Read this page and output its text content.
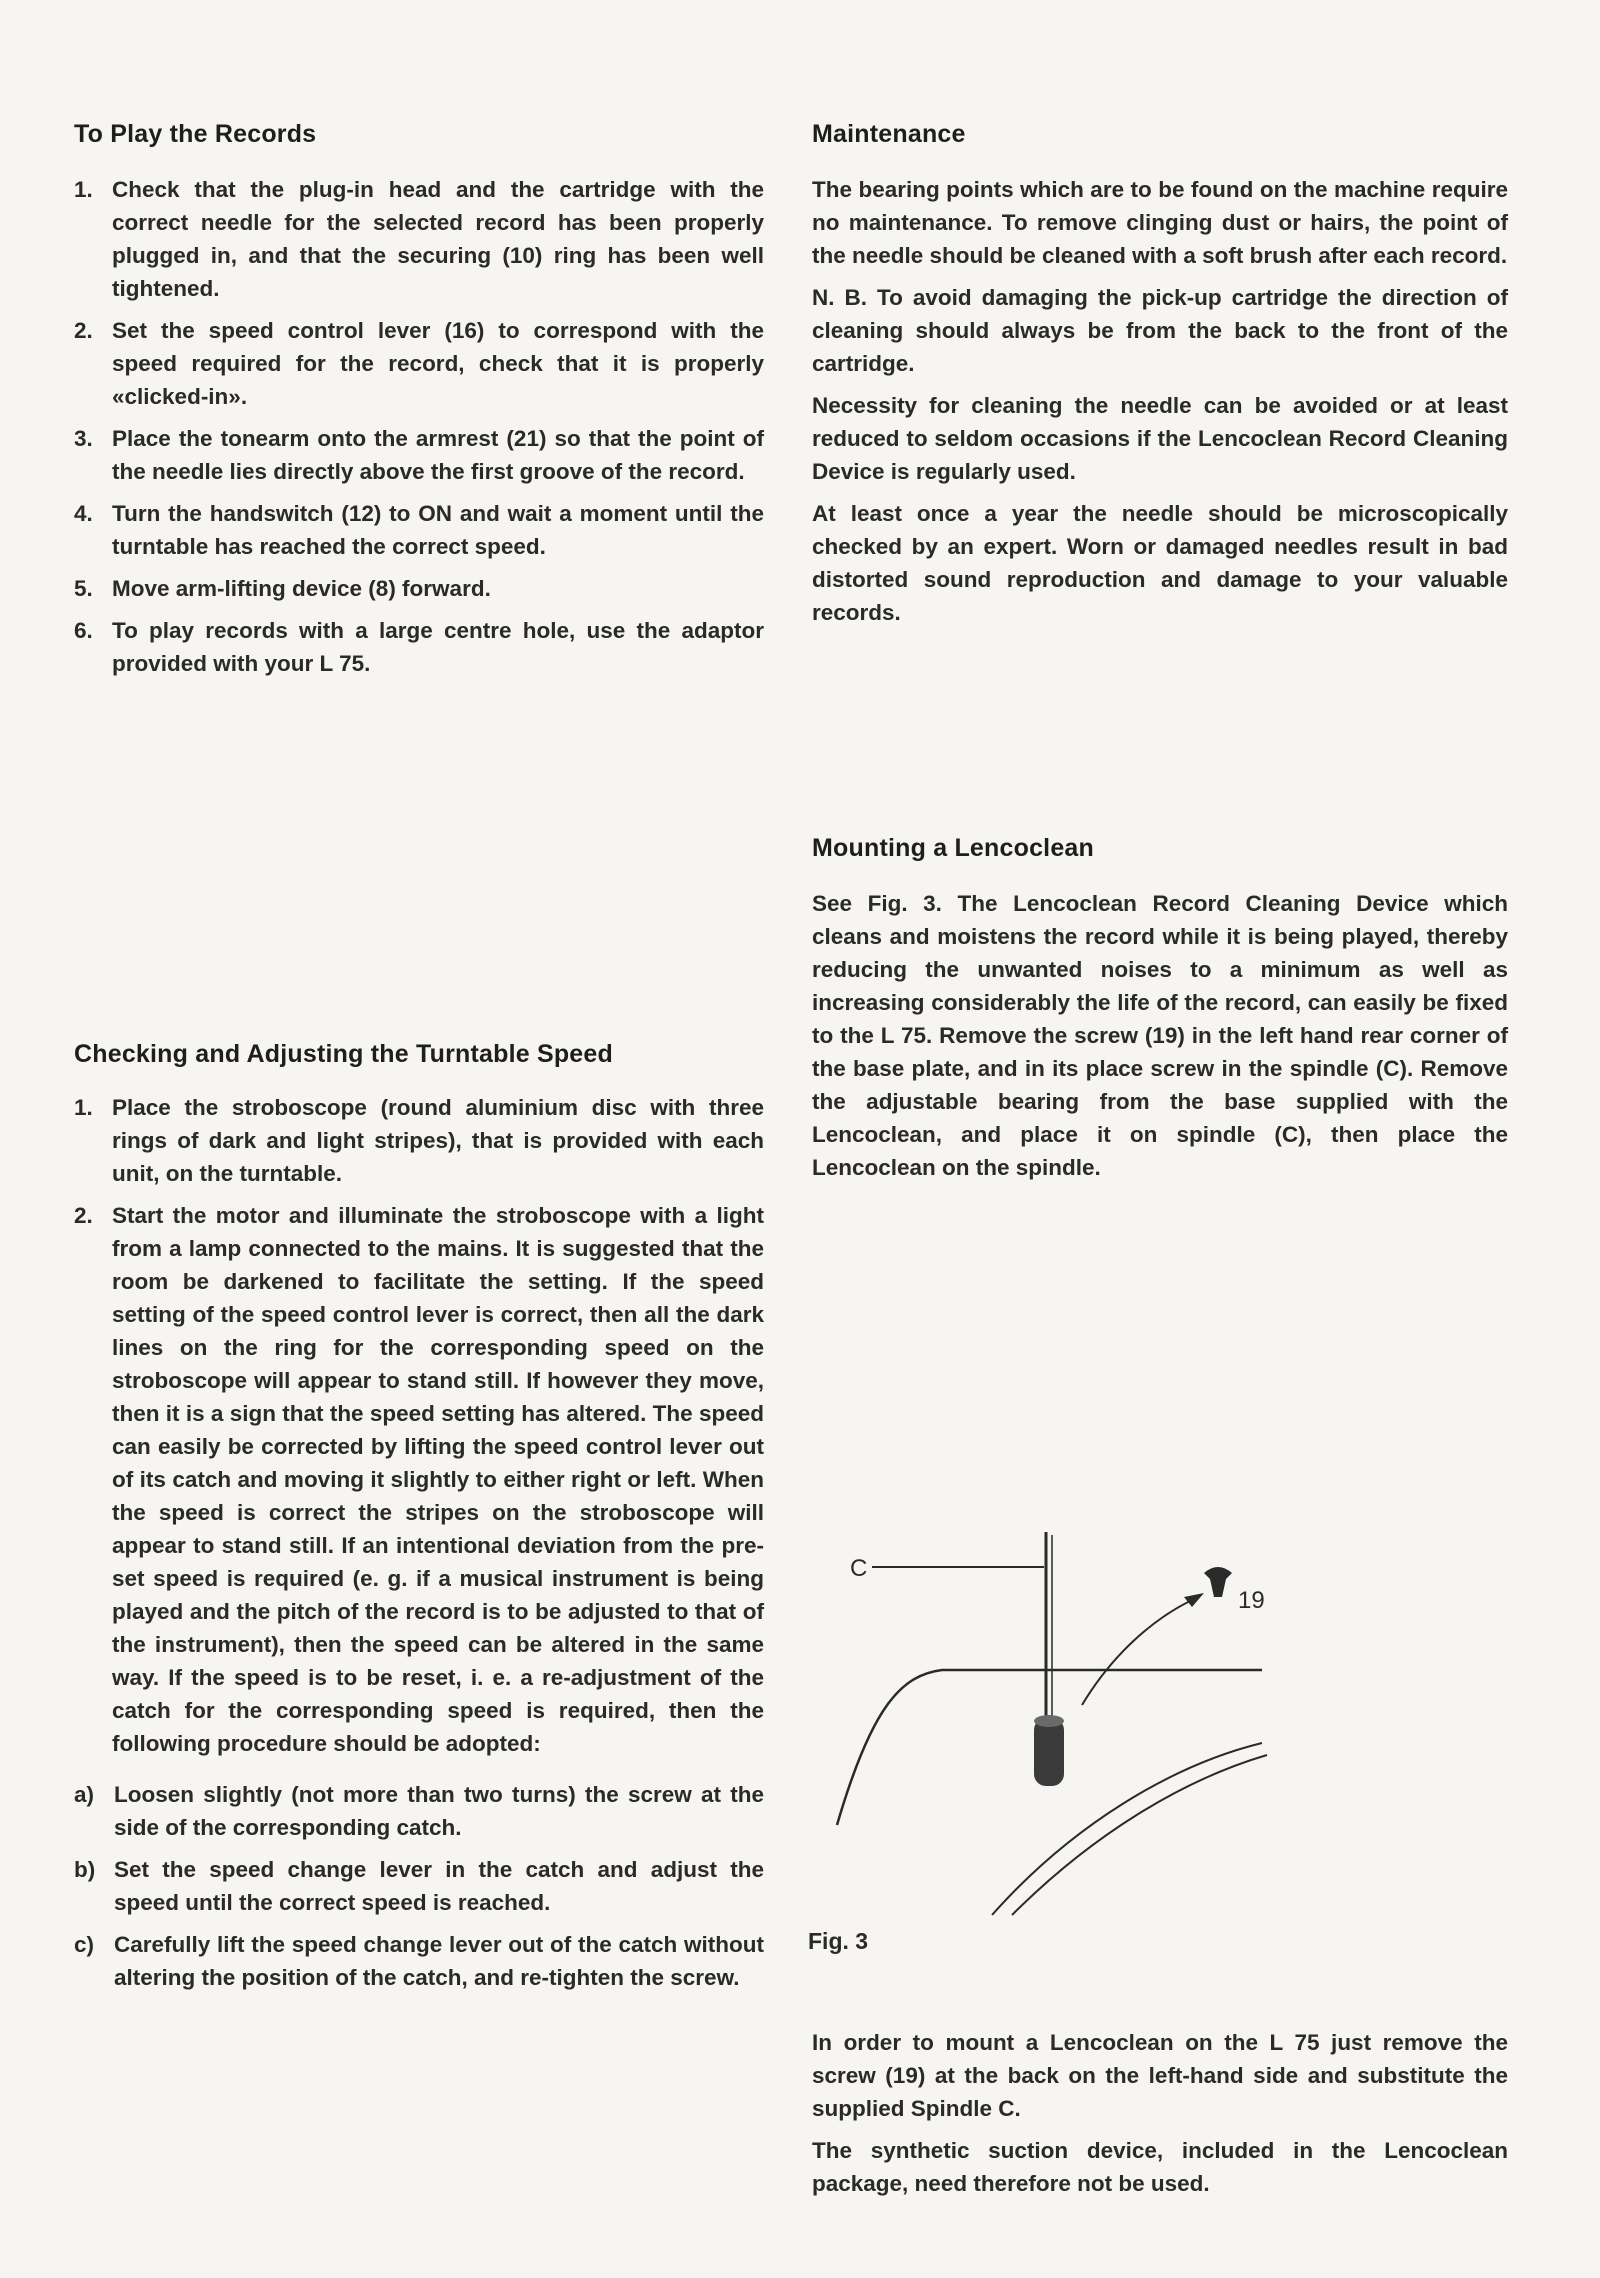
To Play the Records
1. Check that the plug-in head and the cartridge with the correct needle for the selected record has been properly plugged in, and that the securing (10) ring has been well tightened.
2. Set the speed control lever (16) to correspond with the speed required for the record, check that it is properly «clicked-in».
3. Place the tonearm onto the armrest (21) so that the point of the needle lies directly above the first groove of the record.
4. Turn the handswitch (12) to ON and wait a moment until the turntable has reached the correct speed.
5. Move arm-lifting device (8) forward.
6. To play records with a large centre hole, use the adaptor provided with your L 75.
Checking and Adjusting the Turntable Speed
1. Place the stroboscope (round aluminium disc with three rings of dark and light stripes), that is provided with each unit, on the turntable.
2. Start the motor and illuminate the stroboscope with a light from a lamp connected to the mains. It is suggested that the room be darkened to facilitate the setting. If the speed setting of the speed control lever is correct, then all the dark lines on the ring for the corresponding speed on the stroboscope will appear to stand still. If however they move, then it is a sign that the speed setting has altered. The speed can easily be corrected by lifting the speed control lever out of its catch and moving it slightly to either right or left. When the speed is correct the stripes on the stroboscope will appear to stand still. If an intentional deviation from the pre-set speed is required (e. g. if a musical instrument is being played and the pitch of the record is to be adjusted to that of the instrument), then the speed can be altered in the same way. If the speed is to be reset, i. e. a re-adjustment of the catch for the corresponding speed is required, then the following procedure should be adopted:
a) Loosen slightly (not more than two turns) the screw at the side of the corresponding catch.
b) Set the speed change lever in the catch and adjust the speed until the correct speed is reached.
c) Carefully lift the speed change lever out of the catch without altering the position of the catch, and re-tighten the screw.
Maintenance

The bearing points which are to be found on the machine require no maintenance. To remove clinging dust or hairs, the point of the needle should be cleaned with a soft brush after each record.

N. B. To avoid damaging the pick-up cartridge the direction of cleaning should always be from the back to the front of the cartridge.

Necessity for cleaning the needle can be avoided or at least reduced to seldom occasions if the Lencoclean Record Cleaning Device is regularly used.

At least once a year the needle should be microscopically checked by an expert. Worn or damaged needles result in bad distorted sound reproduction and damage to your valuable records.

Mounting a Lencoclean

See Fig. 3. The Lencoclean Record Cleaning Device which cleans and moistens the record while it is being played, thereby reducing the unwanted noises to a minimum as well as increasing considerably the life of the record, can easily be fixed to the L 75. Remove the screw (19) in the left hand rear corner of the base plate, and in its place screw in the spindle (C). Remove the adjustable bearing from the base supplied with the Lencoclean, and place it on spindle (C), then place the Lencoclean on the spindle.

C
19
Fig. 3

In order to mount a Lencoclean on the L 75 just remove the screw (19) at the back on the left-hand side and substitute the supplied Spindle C.

The synthetic suction device, included in the Lencoclean package, need therefore not be used.
